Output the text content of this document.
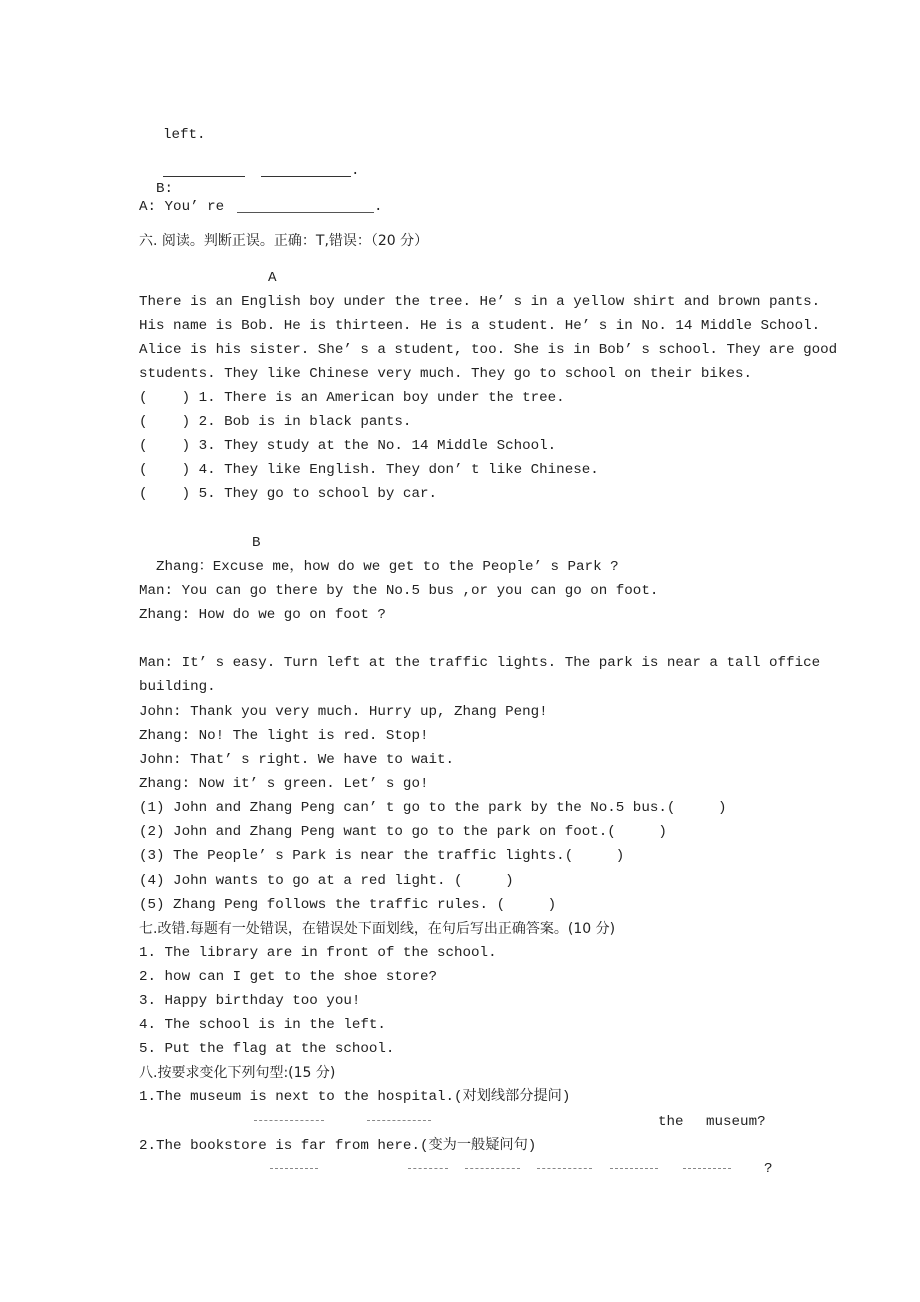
left.

B:

.
A: You’ re	.
六. 阅读。判断正误。正确：T,错误：（20 分）
A
There is an English boy under the tree. He’ s in a yellow shirt and brown pants.
His name is Bob. He is thirteen. He is a student. He’ s in No. 14 Middle School.
Alice is his sister. She’ s a student, too. She is in Bob’ s school. They are good
students. They like Chinese very much. They go to school on their bikes.
(    ) 1. There is an American boy under the tree.
(    ) 2. Bob is in black pants.
(    ) 3. They study at the No. 14 Middle School.
(    ) 4. They like English. They don’ t like Chinese.
(    ) 5. They go to school by car.
B
Zhang：Excuse me，how do we get to the People’ s Park ?
Man: You can go there by the No.5 bus ,or you can go on foot.
Zhang: How do we go on foot ?
Man: It’ s easy. Turn left at the traffic lights. The park is near a tall office
building.
John: Thank you very much. Hurry up, Zhang Peng!
Zhang: No! The light is red. Stop!
John: That’ s right. We have to wait.
Zhang: Now it’ s green. Let’ s go!
(1) John and Zhang Peng can’ t go to the park by the No.5 bus.(     )
(2) John and Zhang Peng want to go to the park on foot.(     )
(3) The People’ s Park is near the traffic lights.(     )
(4) John wants to go at a red light. (     )
(5) Zhang Peng follows the traffic rules. (     )
七.改错.每题有一处错误，在错误处下面划线，在句后写出正确答案。(10 分)
1. The library are in front of the school.
2. how can I get to the shoe store?
3. Happy birthday too you!
4. The school is in the left.
5. Put the flag at the school.
八.按要求变化下列句型:(15 分)
1.The museum is next to the hospital.(对划线部分提问)
the museum?
2.The bookstore is far from here.(变为一般疑问句)
?
